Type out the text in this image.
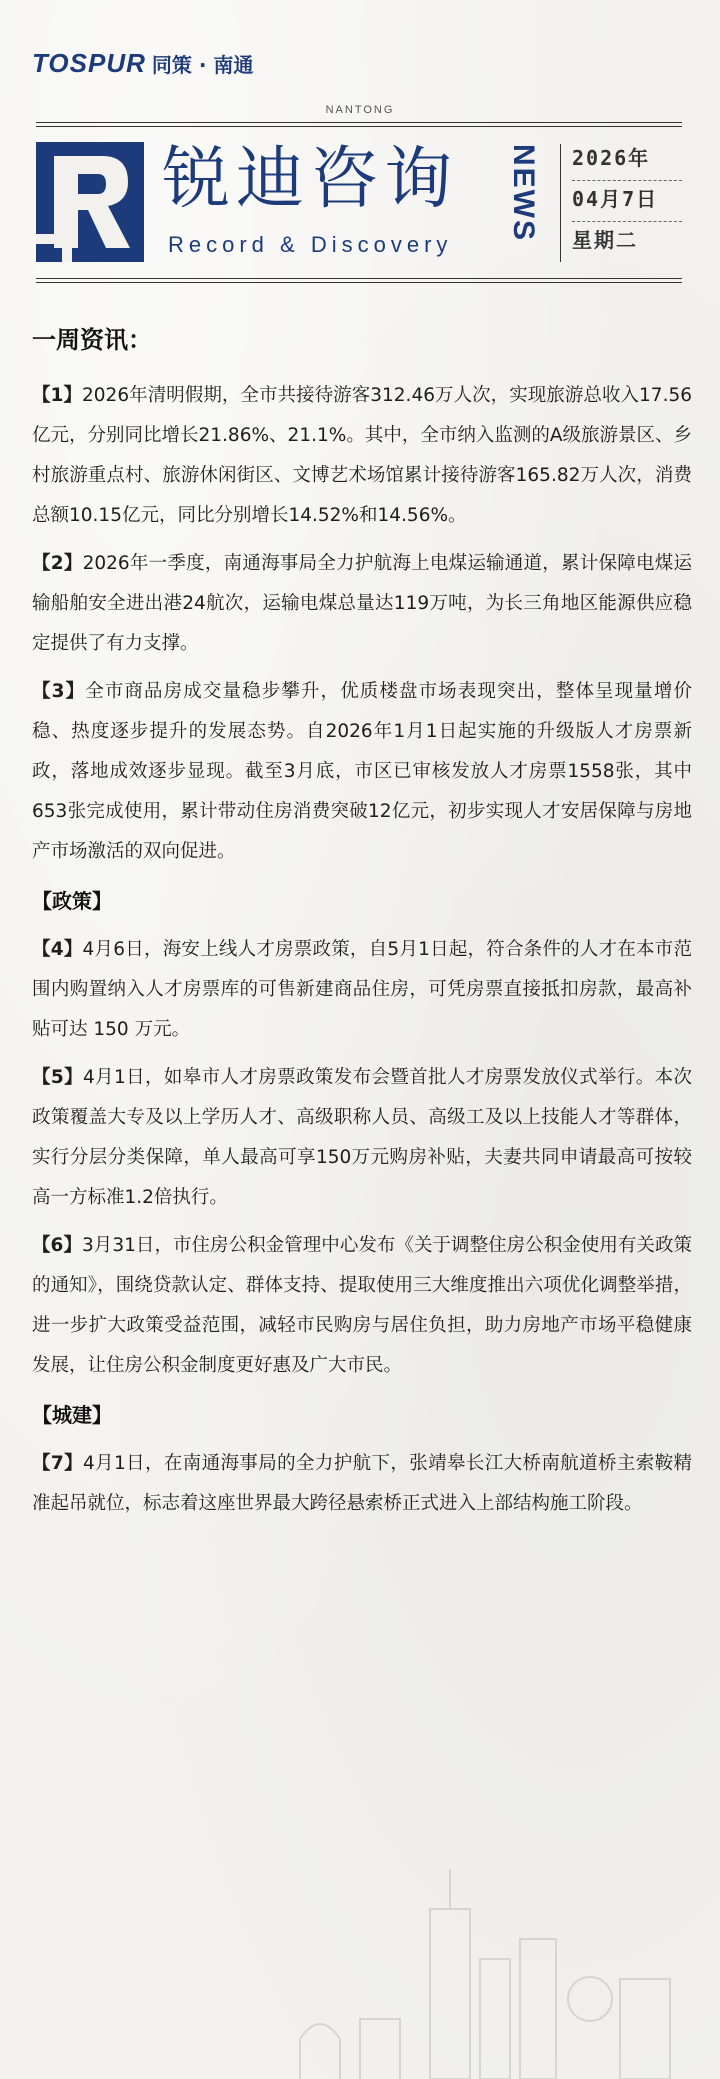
TOSPUR 同策 · 南通
NANTONG
锐迪咨询
Record & Discovery
NEWS 2026年
04月7日
星期二
一周资讯：

【1】2026年清明假期，全市共接待游客312.46万人次，实现旅游总收入17.56亿元，分别同比增长21.86%、21.1%。其中，全市纳入监测的A级旅游景区、乡村旅游重点村、旅游休闲街区、文博艺术场馆累计接待游客165.82万人次，消费总额10.15亿元，同比分别增长14.52%和14.56%。

【2】2026年一季度，南通海事局全力护航海上电煤运输通道，累计保障电煤运输船舶安全进出港24航次，运输电煤总量达119万吨，为长三角地区能源供应稳定提供了有力支撑。

【3】全市商品房成交量稳步攀升，优质楼盘市场表现突出，整体呈现量增价稳、热度逐步提升的发展态势。自2026年1月1日起实施的升级版人才房票新政，落地成效逐步显现。截至3月底，市区已审核发放人才房票1558张，其中653张完成使用，累计带动住房消费突破12亿元，初步实现人才安居保障与房地产市场激活的双向促进。

【政策】

【4】4月6日，海安上线人才房票政策，自5月1日起，符合条件的人才在本市范围内购置纳入人才房票库的可售新建商品住房，可凭房票直接抵扣房款，最高补贴可达 150 万元。

【5】4月1日，如皋市人才房票政策发布会暨首批人才房票发放仪式举行。本次政策覆盖大专及以上学历人才、高级职称人员、高级工及以上技能人才等群体，实行分层分类保障，单人最高可享150万元购房补贴，夫妻共同申请最高可按较高一方标准1.2倍执行。

【6】3月31日，市住房公积金管理中心发布《关于调整住房公积金使用有关政策的通知》，围绕贷款认定、群体支持、提取使用三大维度推出六项优化调整举措，进一步扩大政策受益范围，减轻市民购房与居住负担，助力房地产市场平稳健康发展，让住房公积金制度更好惠及广大市民。

【城建】

【7】4月1日，在南通海事局的全力护航下，张靖皋长江大桥南航道桥主索鞍精准起吊就位，标志着这座世界最大跨径悬索桥正式进入上部结构施工阶段。
